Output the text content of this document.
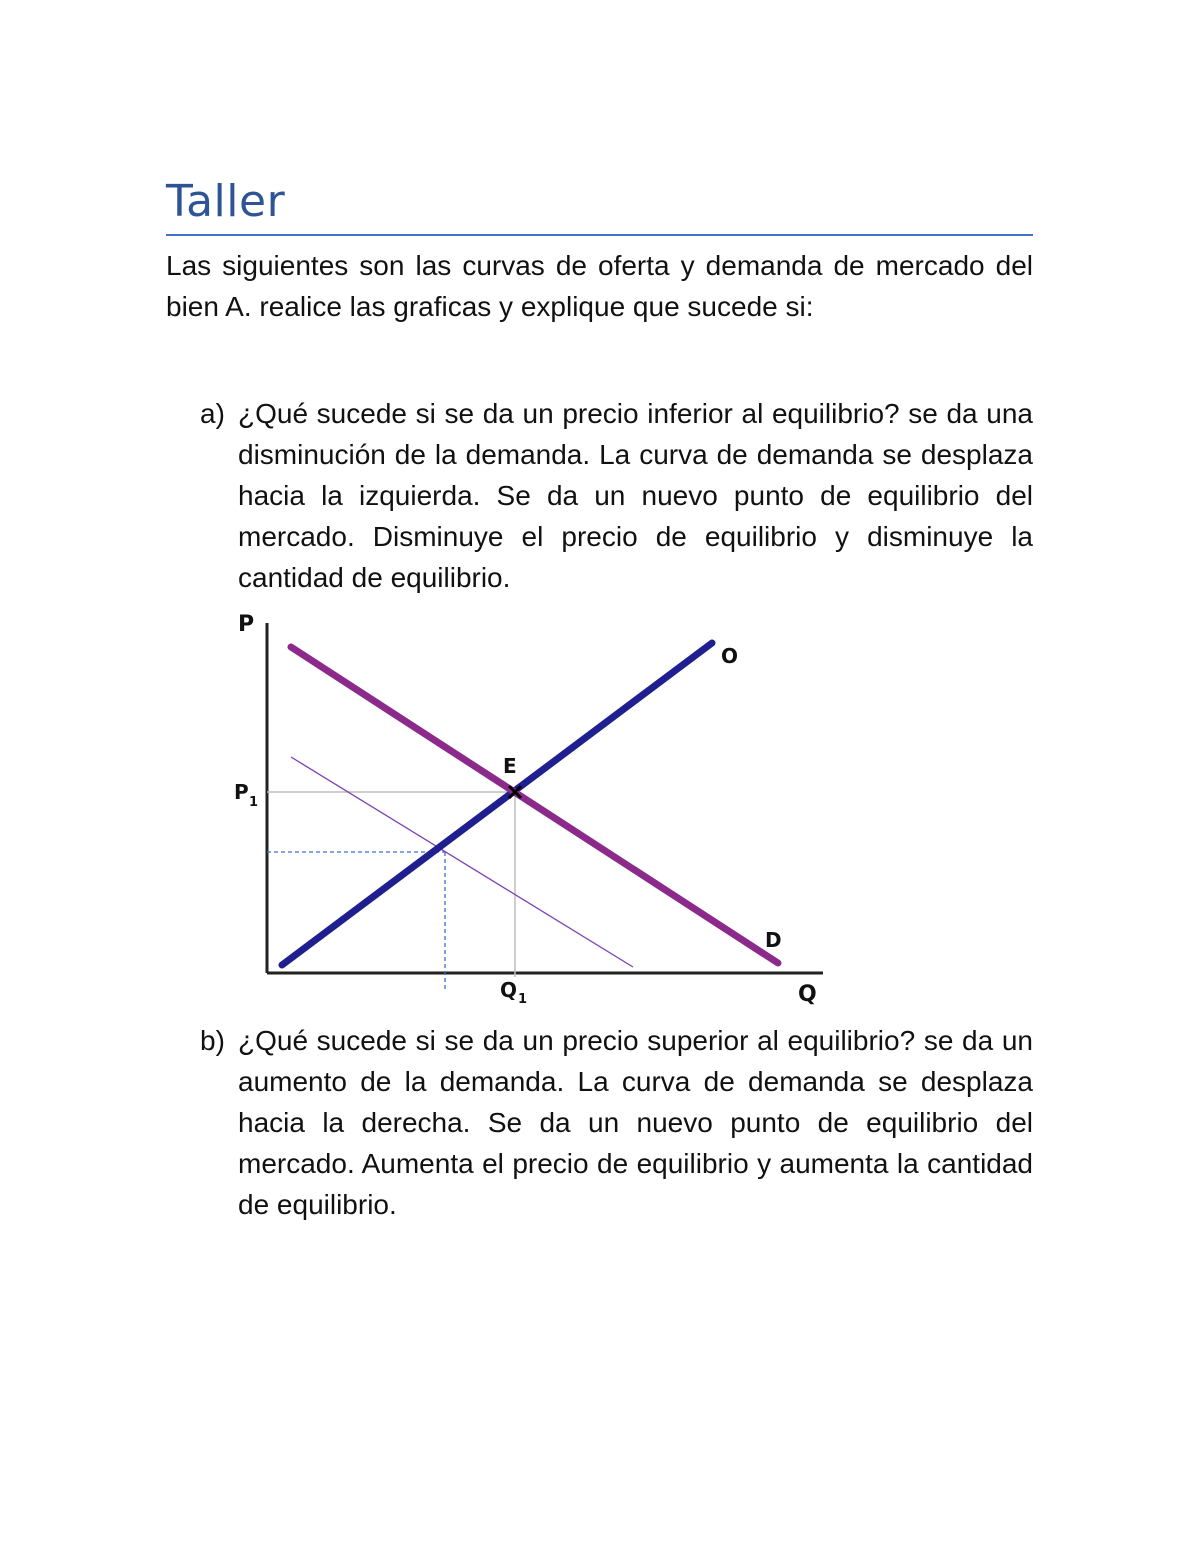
Taller
Las siguientes son las curvas de oferta y demanda de mercado del bien A. realice las graficas y explique que sucede si:
a) ¿Qué sucede si se da un precio inferior al equilibrio? se da una disminución de la demanda. La curva de demanda se desplaza hacia la izquierda. Se da un nuevo punto de equilibrio del mercado. Disminuye el precio de equilibrio y disminuye la cantidad de equilibrio.
P
Q
E
O
D
P 1
Q 1
b) ¿Qué sucede si se da un precio superior al equilibrio? se da un aumento de la demanda. La curva de demanda se desplaza hacia la derecha. Se da un nuevo punto de equilibrio del mercado. Aumenta el precio de equilibrio y aumenta la cantidad de equilibrio.
